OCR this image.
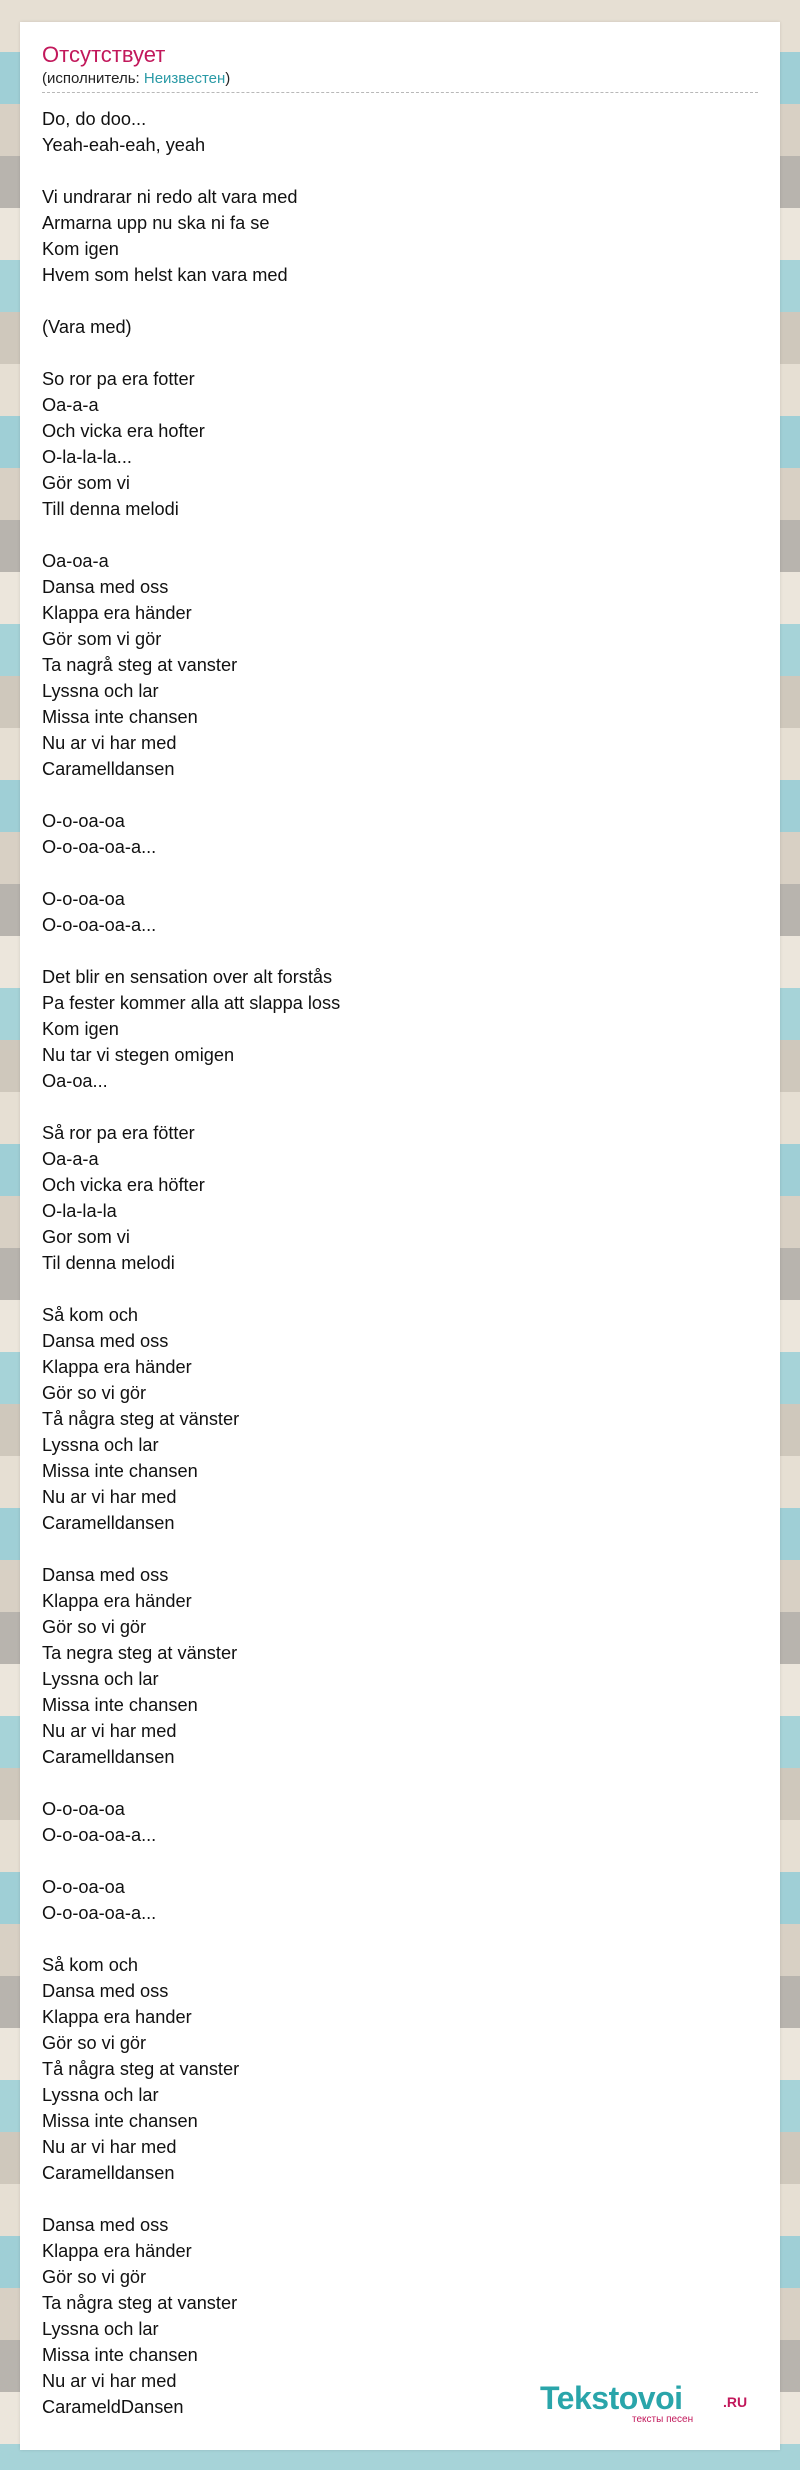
Отсутствует
(исполнитель: Неизвестен)
Do, do doo...
Yeah-eah-eah, yeah
Vi undrarar ni redo alt vara med
Armarna upp nu ska ni fa se
Kom igen
Hvem som helst kan vara med
(Vara med)
So ror pa era fotter
Oa-a-a
Och vicka era hofter
O-la-la-la...
Gör som vi
Till denna melodi
Oa-oa-a
Dansa med oss
Klappa era händer
Gör som vi gör
Ta nagrå steg at vanster
Lyssna och lar
Missa inte chansen
Nu ar vi har med
Caramelldansen
O-o-oa-oa
O-o-oa-oa-a...
O-o-oa-oa
O-o-oa-oa-a...
Det blir en sensation over alt forstås
Pa fester kommer alla att slappa loss
Kom igen
Nu tar vi stegen omigen
Oa-oa...
Så ror pa era fötter
Oa-a-a
Och vicka era höfter
O-la-la-la
Gor som vi
Til denna melodi
Så kom och
Dansa med oss
Klappa era händer
Gör so vi gör
Tå några steg at vänster
Lyssna och lar
Missa inte chansen
Nu ar vi har med
Caramelldansen
Dansa med oss
Klappa era händer
Gör so vi gör
Ta negra steg at vänster
Lyssna och lar
Missa inte chansen
Nu ar vi har med
Caramelldansen
O-o-oa-oa
O-o-oa-oa-a...
O-o-oa-oa
O-o-oa-oa-a...
Så kom och
Dansa med oss
Klappa era hander
Gör so vi gör
Tå några steg at vanster
Lyssna och lar
Missa inte chansen
Nu ar vi har med
Caramelldansen
Dansa med oss
Klappa era händer
Gör so vi gör
Ta några steg at vanster
Lyssna och lar
Missa inte chansen
Nu ar vi har med
CarameldDansen	Tekstovoi	.RU
тексты песен
